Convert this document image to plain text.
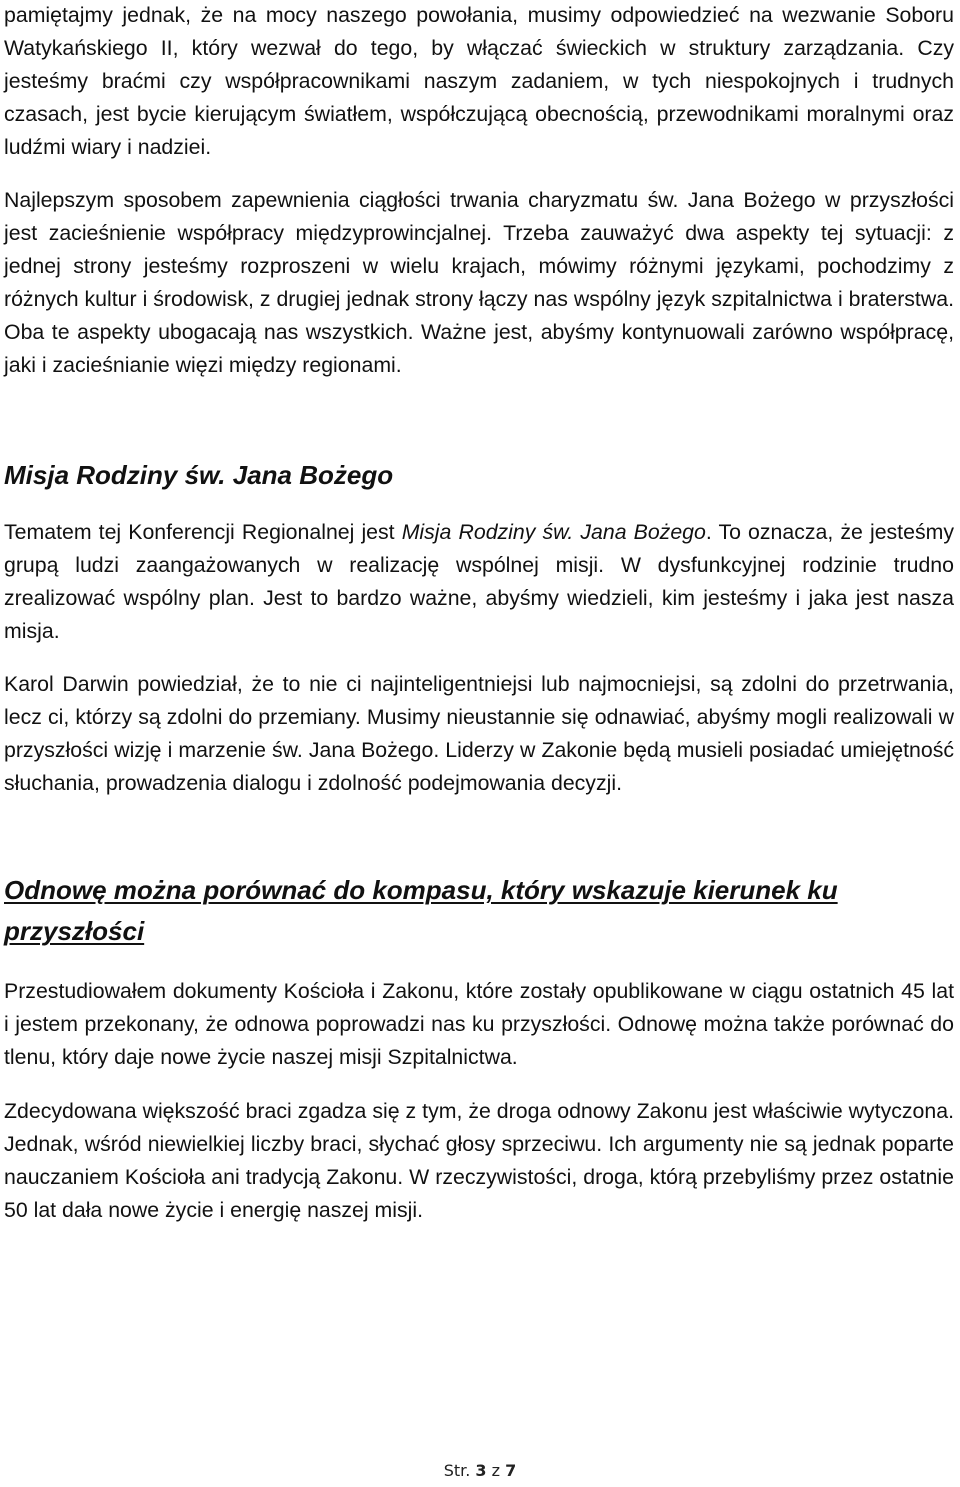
pamiętajmy jednak, że na mocy naszego powołania, musimy odpowiedzieć na wezwanie Soboru Watykańskiego II, który wezwał do tego, by włączać świeckich w struktury zarządzania. Czy jesteśmy braćmi czy współpracownikami naszym zadaniem, w tych niespokojnych i trudnych czasach, jest bycie kierującym światłem, współczującą obecnością, przewodnikami moralnymi oraz ludźmi wiary i nadziei.

Najlepszym sposobem zapewnienia ciągłości trwania charyzmatu św. Jana Bożego w przyszłości jest zacieśnienie współpracy międzyprowincjalnej. Trzeba zauważyć dwa aspekty tej sytuacji: z jednej strony jesteśmy rozproszeni w wielu krajach, mówimy różnymi językami, pochodzimy z różnych kultur i środowisk, z drugiej jednak strony łączy nas wspólny język szpitalnictwa i braterstwa. Oba te aspekty ubogacają nas wszystkich. Ważne jest, abyśmy kontynuowali zarówno współpracę, jaki i zacieśnianie więzi między regionami.

Misja Rodziny św. Jana Bożego

Tematem tej Konferencji Regionalnej jest Misja Rodziny św. Jana Bożego. To oznacza, że jesteśmy grupą ludzi zaangażowanych w realizację wspólnej misji. W dysfunkcyjnej rodzinie trudno zrealizować wspólny plan. Jest to bardzo ważne, abyśmy wiedzieli, kim jesteśmy i jaka jest nasza misja.

Karol Darwin powiedział, że to nie ci najinteligentniejsi lub najmocniejsi, są zdolni do przetrwania, lecz ci, którzy są zdolni do przemiany. Musimy nieustannie się odnawiać, abyśmy mogli realizowali w przyszłości wizję i marzenie św. Jana Bożego. Liderzy w Zakonie będą musieli posiadać umiejętność słuchania, prowadzenia dialogu i zdolność podejmowania decyzji.

Odnowę można porównać do kompasu, który wskazuje kierunek ku przyszłości

Przestudiowałem dokumenty Kościoła i Zakonu, które zostały opublikowane w ciągu ostatnich 45 lat i jestem przekonany, że odnowa poprowadzi nas ku przyszłości. Odnowę można także porównać do tlenu, który daje nowe życie naszej misji Szpitalnictwa.

Zdecydowana większość braci zgadza się z tym, że droga odnowy Zakonu jest właściwie wytyczona. Jednak, wśród niewielkiej liczby braci, słychać głosy sprzeciwu. Ich argumenty nie są jednak poparte nauczaniem Kościoła ani tradycją Zakonu. W rzeczywistości, droga, którą przebyliśmy przez ostatnie 50 lat dała nowe życie i energię naszej misji.

Str. 3 z 7
